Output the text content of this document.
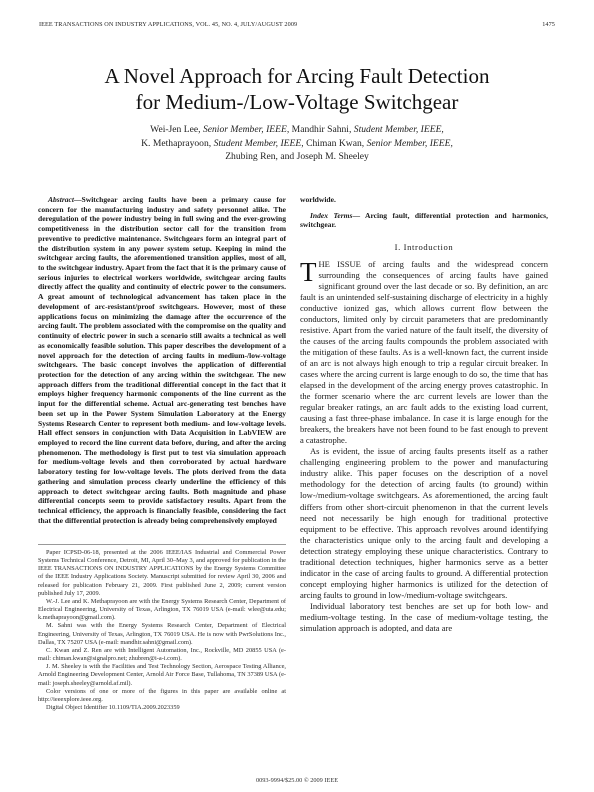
IEEE TRANSACTIONS ON INDUSTRY APPLICATIONS, VOL. 45, NO. 4, JULY/AUGUST 2009	1475
A Novel Approach for Arcing Fault Detection
for Medium-/Low-Voltage Switchgear
Wei-Jen Lee, Senior Member, IEEE, Mandhir Sahni, Student Member, IEEE,
K. Methaprayoon, Student Member, IEEE, Chiman Kwan, Senior Member, IEEE,
Zhubing Ren, and Joseph M. Sheeley

Abstract—Switchgear arcing faults have been a primary cause for concern for the manufacturing industry and safety personnel alike. The deregulation of the power industry being in full swing and the ever-growing competitiveness in the distribution sector call for the transition from preventive to predictive maintenance. Switchgears form an integral part of the distribution system in any power system setup. Keeping in mind the switchgear arcing faults, the aforementioned transition applies, most of all, to the switchgear industry. Apart from the fact that it is the primary cause of serious injuries to electrical workers worldwide, switchgear arcing faults directly affect the quality and continuity of electric power to the consumers. A great amount of technological advancement has taken place in the development of arc-resistant/proof switchgears. However, most of these applications focus on minimizing the damage after the occurrence of the arcing fault. The problem associated with the compromise on the quality and continuity of electric power in such a scenario still awaits a technical as well as economically feasible solution. This paper describes the development of a novel approach for the detection of arcing faults in medium-/low-voltage switchgears. The basic concept involves the application of differential protection for the detection of any arcing within the switchgear. The new approach differs from the traditional differential concept in the fact that it employs higher frequency harmonic components of the line current as the input for the differential scheme. Actual arc-generating test benches have been set up in the Power System Simulation Laboratory at the Energy Systems Research Center to represent both medium- and low-voltage levels. Hall effect sensors in conjunction with Data Acquisition in LabVIEW are employed to record the line current data before, during, and after the arcing phenomenon. The methodology is first put to test via simulation approach for medium-voltage levels and then corroborated by actual hardware laboratory testing for low-voltage levels. The plots derived from the data gathering and simulation process clearly underline the efficiency of this approach to detect switchgear arcing faults. Both magnitude and phase differential concepts seem to provide satisfactory results. Apart from the technical efficiency, the approach is financially feasible, considering the fact that the differential protection is already being comprehensively employed

worldwide.

Index Terms— Arcing fault, differential protection and harmonics, switchgear.

I. Introduction

THE ISSUE of arcing faults and the widespread concern surrounding the consequences of arcing faults have gained significant ground over the last decade or so. By definition, an arc fault is an unintended self-sustaining discharge of electricity in a highly conductive ionized gas, which allows current flow between the conductors, limited only by circuit parameters that are predominantly resistive. Apart from the varied nature of the fault itself, the diversity of the causes of the arcing faults compounds the problem associated with the mitigation of these faults. As is a well-known fact, the current inside of an arc is not always high enough to trip a regular circuit breaker. In cases where the arcing current is large enough to do so, the time that has elapsed in the development of the arcing energy proves catastrophic. In the former scenario where the arc current levels are lower than the regular breaker ratings, an arc fault adds to the existing load current, causing a fast three-phase imbalance. In case it is large enough for the breakers, the breakers have not been found to be fast enough to prevent a catastrophe.

As is evident, the issue of arcing faults presents itself as a rather challenging engineering problem to the power and manufacturing industry alike. This paper focuses on the description of a novel methodology for the detection of arcing faults (to ground) within low-/medium-voltage switchgears. As aforementioned, the arcing fault differs from other short-circuit phenomenon in that the current levels need not necessarily be high enough for traditional protective equipment to be effective. This approach revolves around identifying the characteristics unique only to the arcing fault and developing a detection strategy employing these unique characteristics. Contrary to traditional detection techniques, higher harmonics serve as a better indicator in the case of arcing faults to ground. A differential protection concept employing higher harmonics is utilized for the detection of arcing faults to ground in low-/medium-voltage switchgears.

Individual laboratory test benches are set up for both low- and medium-voltage testing. In the case of medium-voltage testing, the simulation approach is adopted, and data are

Paper ICPSD-06-18, presented at the 2006 IEEE/IAS Industrial and Commercial Power Systems Technical Conference, Detroit, MI, April 30–May 3, and approved for publication in the IEEE TRANSACTIONS ON INDUSTRY APPLICATIONS by the Energy Systems Committee of the IEEE Industry Applications Society. Manuscript submitted for review April 30, 2006 and released for publication February 21, 2009. First published June 2, 2009; current version published July 17, 2009.

W.-J. Lee and K. Methaprayoon are with the Energy Systems Research Center, Department of Electrical Engineering, University of Texas, Arlington, TX 76019 USA (e-mail: wlee@uta.edu; k.methaprayoon@gmail.com).

M. Sahni was with the Energy Systems Research Center, Department of Electrical Engineering, University of Texas, Arlington, TX 76019 USA. He is now with PwrSolutions Inc., Dallas, TX 75207 USA (e-mail: mandhir.sahni@gmail.com).

C. Kwan and Z. Ren are with Intelligent Automation, Inc., Rockville, MD 20855 USA (e-mail: chiman.kwan@signalpro.net; zhubren@i-a-i.com).

J. M. Sheeley is with the Facilities and Test Technology Section, Aerospace Testing Alliance, Arnold Engineering Development Center, Arnold Air Force Base, Tullahoma, TN 37389 USA (e-mail: joseph.sheeley@arnold.af.mil).

Color versions of one or more of the figures in this paper are available online at http://ieeexplore.ieee.org.

Digital Object Identifier 10.1109/TIA.2009.2023359

0093-9994/$25.00 © 2009 IEEE
